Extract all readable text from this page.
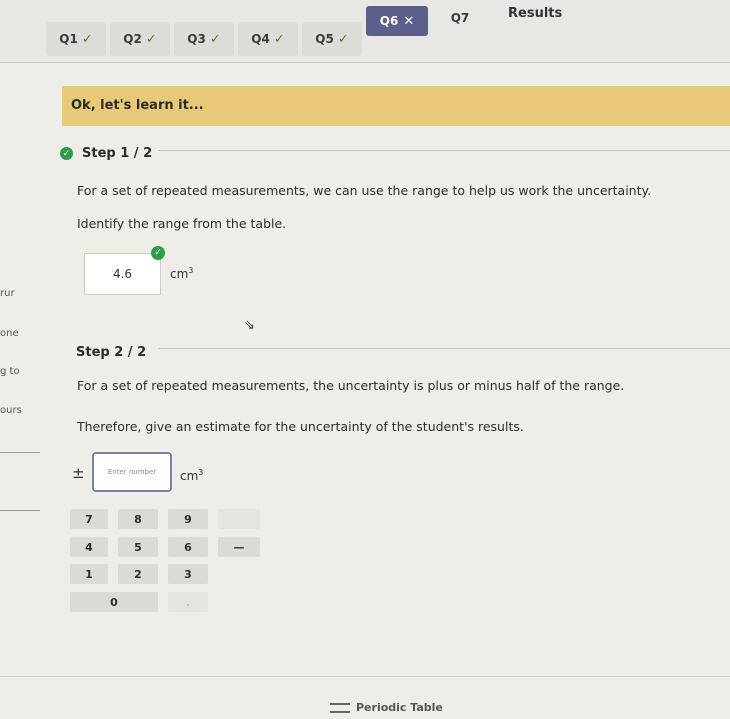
Q1 ✓	Q2 ✓	Q3 ✓	Q4 ✓	Q5 ✓
Q6 ✕	Q7	Results
Ok, let's learn it...
rur
one
g to
ours
✓ Step 1 / 2
For a set of repeated measurements, we can use the range to help us work the uncertainty.
Identify the range from the table.
4.6
✓
$cm^3$
⇘
Step 2 / 2
For a set of repeated measurements, the uncertainty is plus or minus half of the range.
Therefore, give an estimate for the uncertainty of the student's results.
±	Enter number	$cm^3$
7	8	9
4	5	6	—
1	2	3
0	.
Periodic Table
